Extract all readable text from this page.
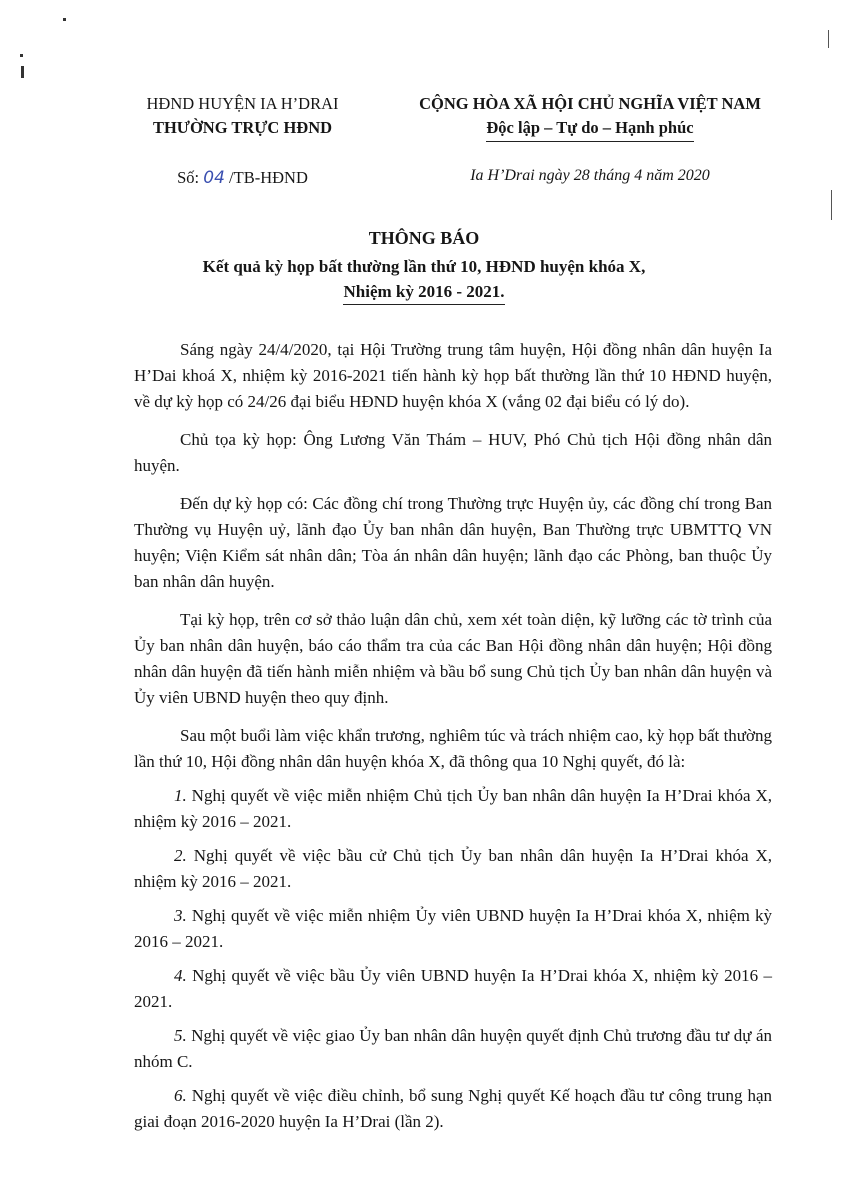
HĐND HUYỆN IA H’DRAI
THƯỜNG TRỰC HĐND
Số: 04 /TB-HĐND
CỘNG HÒA XÃ HỘI CHỦ NGHĨA VIỆT NAM
Độc lập – Tự do – Hạnh phúc
Ia H’Drai ngày 28 tháng 4 năm 2020
THÔNG BÁO
Kết quả kỳ họp bất thường lần thứ 10, HĐND huyện khóa X,
Nhiệm kỳ 2016 - 2021.

Sáng ngày 24/4/2020, tại Hội Trường trung tâm huyện, Hội đồng nhân dân huyện Ia H’Dai khoá X, nhiệm kỳ 2016-2021 tiến hành kỳ họp bất thường lần thứ 10 HĐND huyện, về dự kỳ họp có 24/26 đại biểu HĐND huyện khóa X (vắng 02 đại biểu có lý do).

Chủ tọa kỳ họp: Ông Lương Văn Thám – HUV, Phó Chủ tịch Hội đồng nhân dân huyện.

Đến dự kỳ họp có: Các đồng chí trong Thường trực Huyện ủy, các đồng chí trong Ban Thường vụ Huyện uỷ, lãnh đạo Ủy ban nhân dân huyện, Ban Thường trực UBMTTQ VN huyện; Viện Kiểm sát nhân dân; Tòa án nhân dân huyện; lãnh đạo các Phòng, ban thuộc Ủy ban nhân dân huyện.

Tại kỳ họp, trên cơ sở thảo luận dân chủ, xem xét toàn diện, kỹ lưỡng các tờ trình của Ủy ban nhân dân huyện, báo cáo thẩm tra của các Ban Hội đồng nhân dân huyện; Hội đồng nhân dân huyện đã tiến hành miễn nhiệm và bầu bổ sung Chủ tịch Ủy ban nhân dân huyện và Ủy viên UBND huyện theo quy định.

Sau một buổi làm việc khẩn trương, nghiêm túc và trách nhiệm cao, kỳ họp bất thường lần thứ 10, Hội đồng nhân dân huyện khóa X, đã thông qua 10 Nghị quyết, đó là:

1. Nghị quyết về việc miễn nhiệm Chủ tịch Ủy ban nhân dân huyện Ia H’Drai khóa X, nhiệm kỳ 2016 – 2021.

2. Nghị quyết về việc bầu cử Chủ tịch Ủy ban nhân dân huyện Ia H’Drai khóa X, nhiệm kỳ 2016 – 2021.

3. Nghị quyết về việc miễn nhiệm Ủy viên UBND huyện Ia H’Drai khóa X, nhiệm kỳ 2016 – 2021.

4. Nghị quyết về việc bầu Ủy viên UBND huyện Ia H’Drai khóa X, nhiệm kỳ 2016 – 2021.

5. Nghị quyết về việc giao Ủy ban nhân dân huyện quyết định Chủ trương đầu tư dự án nhóm C.

6. Nghị quyết về việc điều chỉnh, bổ sung Nghị quyết Kế hoạch đầu tư công trung hạn giai đoạn 2016-2020 huyện Ia H’Drai (lần 2).
